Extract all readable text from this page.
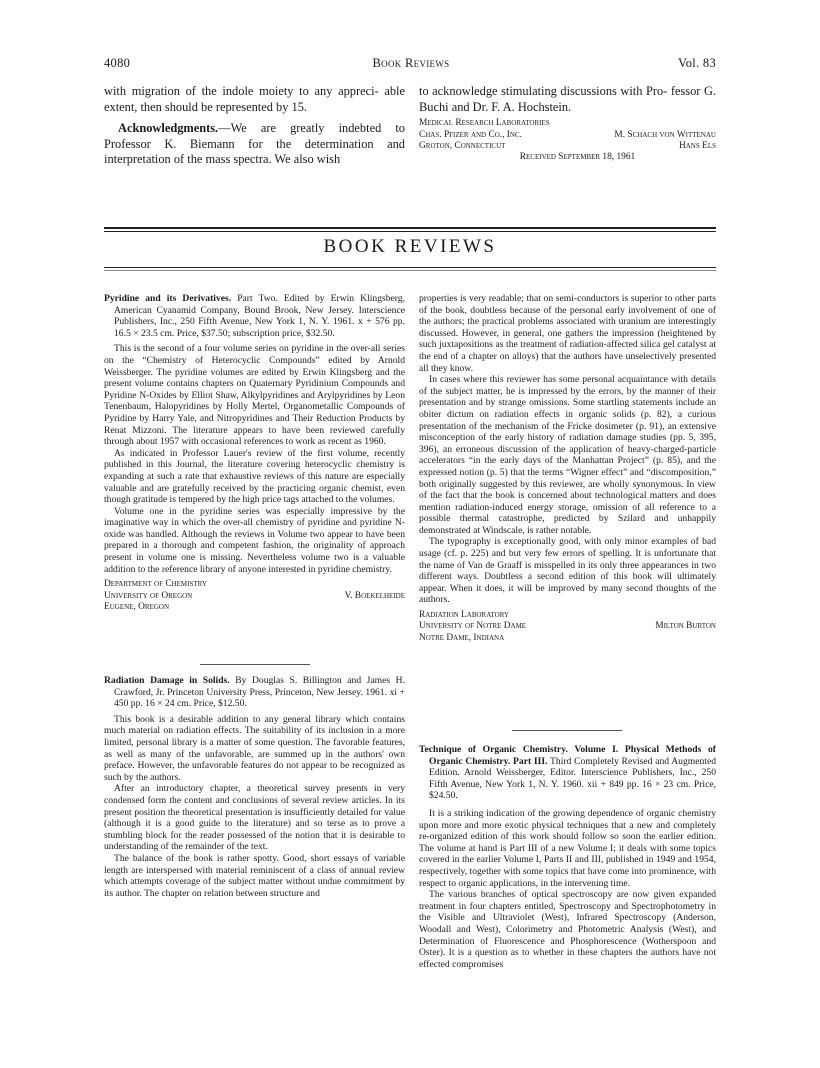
4080	Book Reviews	Vol. 83

with migration of the indole moiety to any appreci- able extent, then should be represented by 15.

Acknowledgments.—We are greatly indebted to Professor K. Biemann for the determination and interpretation of the mass spectra. We also wish

to acknowledge stimulating discussions with Pro- fessor G. Buchi and Dr. F. A. Hochstein.

Medical Research Laboratories
Chas. Pfizer and Co., Inc.	M. Schach von Wittenau
Groton, Connecticut	Hans Els
Received September 18, 1961
BOOK REVIEWS

Pyridine and its Derivatives. Part Two. Edited by Erwin Klingsberg, American Cyanamid Company, Bound Brook, New Jersey. Interscience Publishers, Inc., 250 Fifth Avenue, New York 1, N. Y. 1961. x + 576 pp. 16.5 × 23.5 cm. Price, $37.50; subscription price, $32.50.

This is the second of a four volume series on pyridine in the over-all series on the “Chemistry of Heterocyclic Compounds” edited by Arnold Weissberger. The pyridine volumes are edited by Erwin Klingsberg and the present volume contains chapters on Quaternary Pyridinium Compounds and Pyridine N-Oxides by Elliot Shaw, Alkylpyridines and Arylpyridines by Leon Tenenbaum, Halopyridines by Holly Mertel, Organometallic Compounds of Pyridine by Harry Yale, and Nitropyridines and Their Reduction Products by Renat Mizzoni. The literature appears to have been reviewed carefully through about 1957 with occasional references to work as recent as 1960.

As indicated in Professor Lauer's review of the first volume, recently published in this Journal, the literature covering heterocyclic chemistry is expanding at such a rate that exhaustive reviews of this nature are especially valuable and are gratefully received by the practicing organic chemist, even though gratitude is tempered by the high price tags attached to the volumes.

Volume one in the pyridine series was especially impressive by the imaginative way in which the over-all chemistry of pyridine and pyridine N-oxide was handled. Although the reviews in Volume two appear to have been prepared in a thorough and competent fashion, the originality of approach present in volume one is missing. Nevertheless volume two is a valuable addition to the reference library of anyone interested in pyridine chemistry.

Department of Chemistry
University of Oregon	V. Boekelheide
Eugene, Oregon

Radiation Damage in Solids. By Douglas S. Billington and James H. Crawford, Jr. Princeton University Press, Princeton, New Jersey. 1961. xi + 450 pp. 16 × 24 cm. Price, $12.50.

This book is a desirable addition to any general library which contains much material on radiation effects. The suitability of its inclusion in a more limited, personal library is a matter of some question. The favorable features, as well as many of the unfavorable, are summed up in the authors' own preface. However, the unfavorable features do not appear to be recognized as such by the authors.

After an introductory chapter, a theoretical survey presents in very condensed form the content and conclusions of several review articles. In its present position the theoretical presentation is insufficiently detailed for value (although it is a good guide to the literature) and so terse as to prove a stumbling block for the reader possessed of the notion that it is desirable to understanding of the remainder of the text.

The balance of the book is rather spotty. Good, short essays of variable length are interspersed with material reminiscent of a class of annual review which attempts coverage of the subject matter without undue commitment by its author. The chapter on relation between structure and

properties is very readable; that on semi-conductors is superior to other parts of the book, doubtless because of the personal early involvement of one of the authors; the practical problems associated with uranium are interestingly discussed. However, in general, one gathers the impression (heightened by such juxtapositions as the treatment of radiation-affected silica gel catalyst at the end of a chapter on alloys) that the authors have unselectively presented all they know.

In cases where this reviewer has some personal acquaintance with details of the subject matter, he is impressed by the errors, by the manner of their presentation and by strange omissions. Some startling statements include an obiter dictum on radiation effects in organic solids (p. 82), a curious presentation of the mechanism of the Fricke dosimeter (p. 91), an extensive misconception of the early history of radiation damage studies (pp. 5, 395, 396), an erroneous discussion of the application of heavy-charged-particle accelerators “in the early days of the Manhattan Project” (p. 85), and the expressed notion (p. 5) that the terms “Wigner effect” and “discomposition,” both originally suggested by this reviewer, are wholly synonymous. In view of the fact that the book is concerned about technological matters and does mention radiation-induced energy storage, omission of all reference to a possible thermal catastrophe, predicted by Szilard and unhappily demonstrated at Windscale, is rather notable.

The typography is exceptionally good, with only minor examples of bad usage (cf. p. 225) and but very few errors of spelling. It is unfortunate that the name of Van de Graaff is misspelled in its only three appearances in two different ways. Doubtless a second edition of this book will ultimately appear. When it does, it will be improved by many second thoughts of the authors.

Radiation Laboratory
University of Notre Dame	Milton Burton
Notre Dame, Indiana

Technique of Organic Chemistry. Volume I. Physical Methods of Organic Chemistry. Part III. Third Completely Revised and Augmented Edition. Arnold Weissberger, Editor. Interscience Publishers, Inc., 250 Fifth Avenue, New York 1, N. Y. 1960. xii + 849 pp. 16 × 23 cm. Price, $24.50.

It is a striking indication of the growing dependence of organic chemistry upon more and more exotic physical techniques that a new and completely re-organized edition of this work should follow so soon the earlier edition. The volume at hand is Part III of a new Volume I; it deals with some topics covered in the earlier Volume I, Parts II and III, published in 1949 and 1954, respectively, together with some topics that have come into prominence, with respect to organic applications, in the intervening time.

The various branches of optical spectroscopy are now given expanded treatment in four chapters entitled, Spectroscopy and Spectrophotometry in the Visible and Ultraviolet (West), Infrared Spectroscopy (Anderson, Woodall and West), Colorimetry and Photometric Analysis (West), and Determination of Fluorescence and Phosphorescence (Wotherspoon and Oster). It is a question as to whether in these chapters the authors have not effected compromises
